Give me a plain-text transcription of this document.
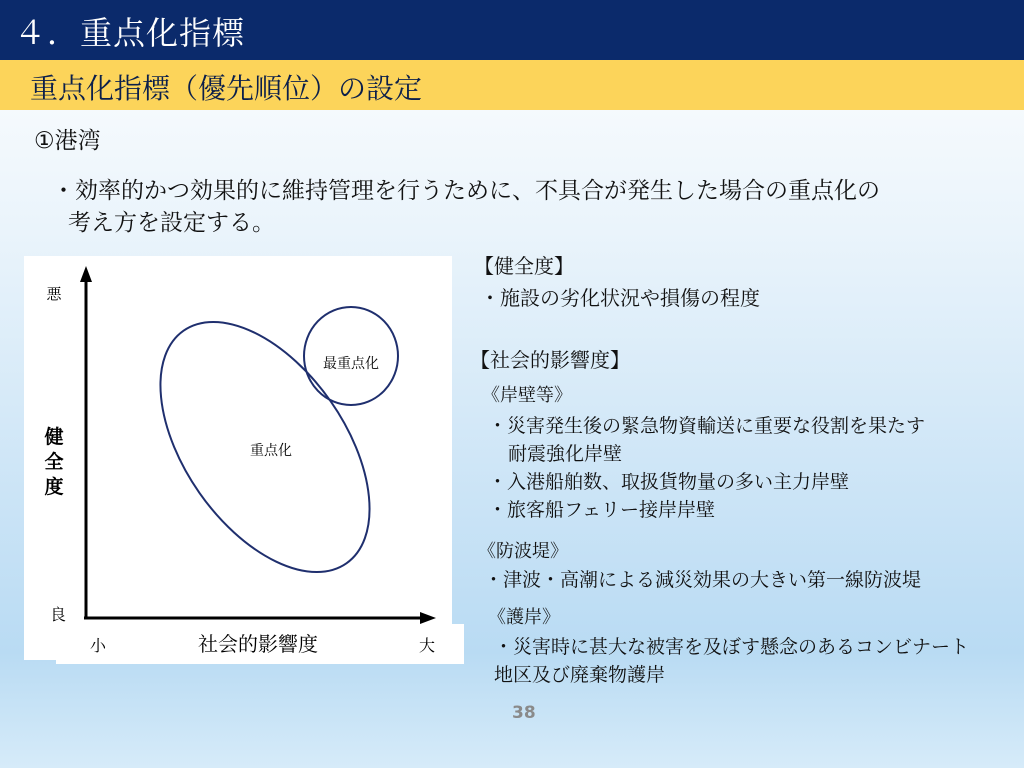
４．重点化指標
重点化指標（優先順位）の設定
①港湾
・効率的かつ効果的に維持管理を行うために、不具合が発生した場合の重点化の
考え方を設定する。
悪
健
全
度
良
小	社会的影響度	大
重点化
最重点化
【健全度】
・施設の劣化状況や損傷の程度
【社会的影響度】
《岸壁等》
・災害発生後の緊急物資輸送に重要な役割を果たす
耐震強化岸壁
・入港船舶数、取扱貨物量の多い主力岸壁
・旅客船フェリー接岸岸壁
《防波堤》
・津波・高潮による減災効果の大きい第一線防波堤
《護岸》
・災害時に甚大な被害を及ぼす懸念のあるコンビナート
地区及び廃棄物護岸
38
